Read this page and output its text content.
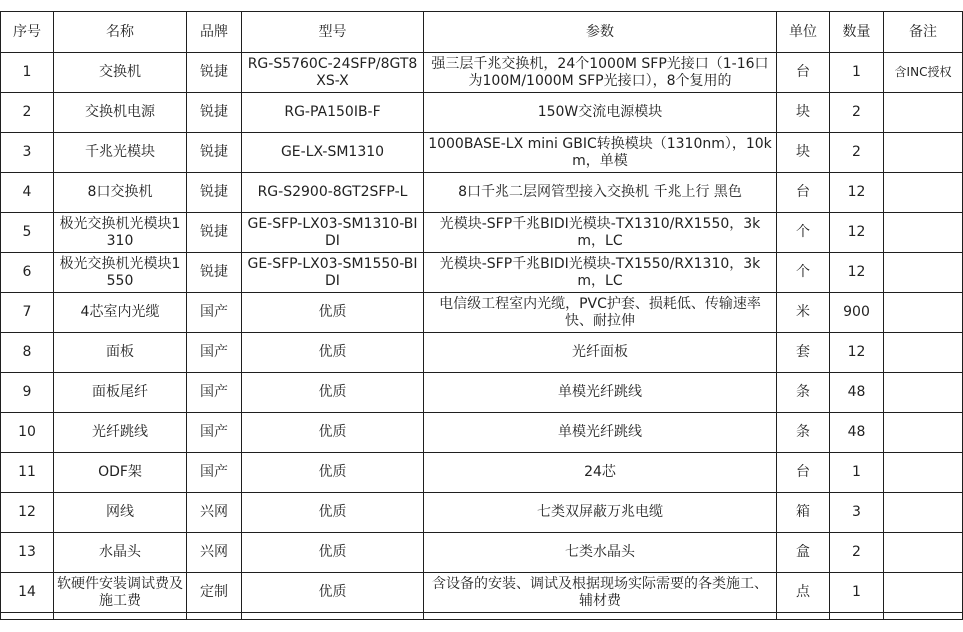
序号	名称	品牌	型号	参数	单位	数量	备注
1	交换机	锐捷	RG-S5760C-24SFP/8GT8XS-X	强三层千兆交换机，24个1000M SFP光接口（1-16口为100M/1000M SFP光接口），8个复用的	台	1	含INC授权
2	交换机电源	锐捷	RG-PA150IB-F	150W交流电源模块	块	2	
3	千兆光模块	锐捷	GE-LX-SM1310	1000BASE-LX mini GBIC转换模块（1310nm），10km，单模	块	2	
4	8口交换机	锐捷	RG-S2900-8GT2SFP-L	8口千兆二层网管型接入交换机 千兆上行 黑色	台	12	
5	极光交换机光模块1310	锐捷	GE-SFP-LX03-SM1310-BIDI	光模块-SFP千兆BIDI光模块-TX1310/RX1550，3km，LC	个	12	
6	极光交换机光模块1550	锐捷	GE-SFP-LX03-SM1550-BIDI	光模块-SFP千兆BIDI光模块-TX1550/RX1310，3km，LC	个	12	
7	4芯室内光缆	国产	优质	电信级工程室内光缆，PVC护套、损耗低、传输速率快、耐拉伸	米	900	
8	面板	国产	优质	光纤面板	套	12	
9	面板尾纤	国产	优质	单模光纤跳线	条	48	
10	光纤跳线	国产	优质	单模光纤跳线	条	48	
11	ODF架	国产	优质	24芯	台	1	
12	网线	兴网	优质	七类双屏蔽万兆电缆	箱	3	
13	水晶头	兴网	优质	七类水晶头	盒	2	
14	软硬件安装调试费及施工费	定制	优质	含设备的安装、调试及根据现场实际需要的各类施工、辅材费	点	1	
